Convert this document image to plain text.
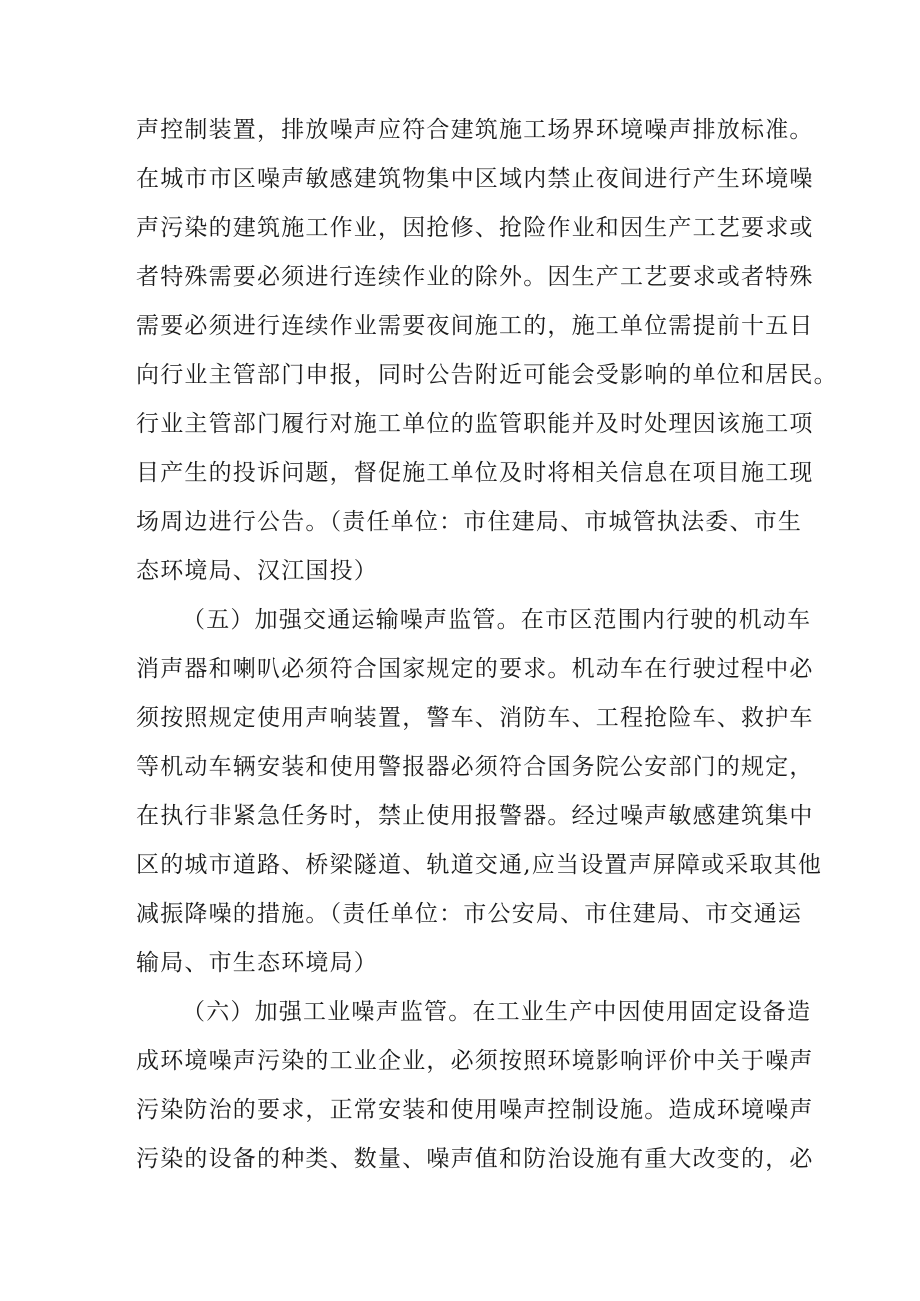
声控制装置，排放噪声应符合建筑施工场界环境噪声排放标准。
在城市市区噪声敏感建筑物集中区域内禁止夜间进行产生环境噪
声污染的建筑施工作业，因抢修、抢险作业和因生产工艺要求或
者特殊需要必须进行连续作业的除外。因生产工艺要求或者特殊
需要必须进行连续作业需要夜间施工的，施工单位需提前十五日
向行业主管部门申报，同时公告附近可能会受影响的单位和居民。
行业主管部门履行对施工单位的监管职能并及时处理因该施工项
目产生的投诉问题，督促施工单位及时将相关信息在项目施工现
场周边进行公告。（责任单位：市住建局、市城管执法委、市生
态环境局、汉江国投）
（五）加强交通运输噪声监管。在市区范围内行驶的机动车
消声器和喇叭必须符合国家规定的要求。机动车在行驶过程中必
须按照规定使用声响装置，警车、消防车、工程抢险车、救护车
等机动车辆安装和使用警报器必须符合国务院公安部门的规定，
在执行非紧急任务时，禁止使用报警器。经过噪声敏感建筑集中
区的城市道路、桥梁隧道、轨道交通,应当设置声屏障或采取其他
减振降噪的措施。（责任单位：市公安局、市住建局、市交通运
输局、市生态环境局）
（六）加强工业噪声监管。在工业生产中因使用固定设备造
成环境噪声污染的工业企业，必须按照环境影响评价中关于噪声
污染防治的要求，正常安装和使用噪声控制设施。造成环境噪声
污染的设备的种类、数量、噪声值和防治设施有重大改变的，必
